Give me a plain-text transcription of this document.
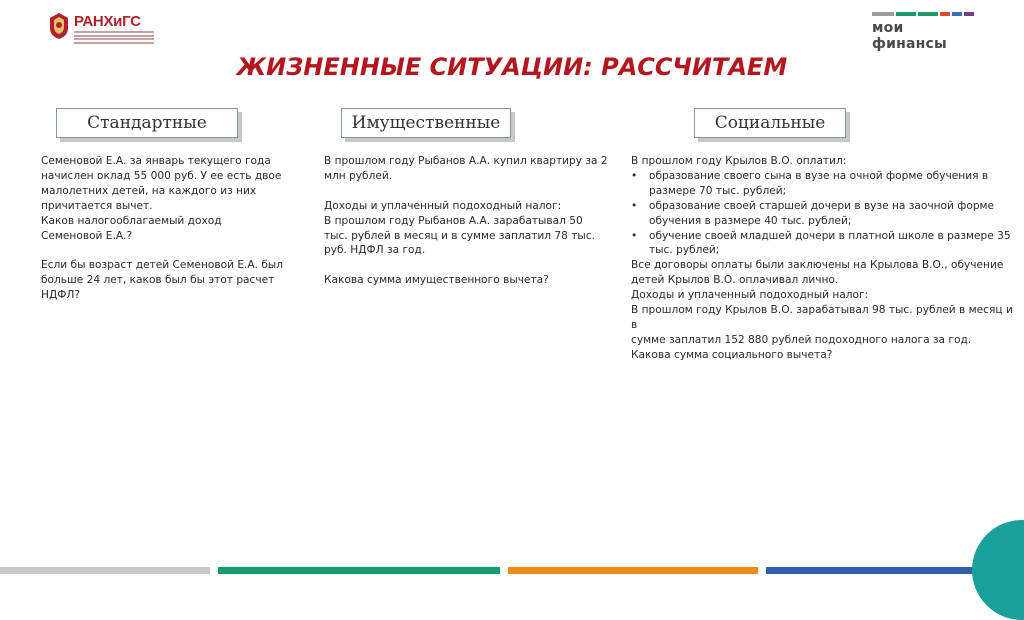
РАНХиГС	мои финансы
ЖИЗНЕННЫЕ СИТУАЦИИ: РАССЧИТАЕМ
Стандартные	Имущественные	Социальные

Семеновой Е.А. за январь текущего года

начислен оклад 55 000 руб. У ее есть двое

малолетних детей, на каждого из них

причитается вычет.

Каков налогооблагаемый доход

Семеновой Е.А.?

Если бы возраст детей Семеновой Е.А. был

больше 24 лет, каков был бы этот расчет

НДФЛ?

В прошлом году Рыбанов А.А. купил квартиру за 2

млн рублей.

Доходы и уплаченный подоходный налог:

В прошлом году Рыбанов А.А. зарабатывал 50

тыс. рублей в месяц и в сумме заплатил 78 тыс.

руб. НДФЛ за год.

Какова сумма имущественного вычета?

В прошлом году Крылов В.О. оплатил:

• образование своего сына в вузе на очной форме обучения в
размере 70 тыс. рублей;
• образование своей старшей дочери в вузе на заочной форме
обучения в размере 40 тыс. рублей;
• обучение своей младшей дочери в платной школе в размере 35
тыс. рублей;

Все договоры оплаты были заключены на Крылова В.О., обучение

детей Крылов В.О. оплачивал лично.

Доходы и уплаченный подоходный налог:

В прошлом году Крылов В.О. зарабатывал 98 тыс. рублей в месяц и в

сумме заплатил 152 880 рублей подоходного налога за год.

Какова сумма социального вычета?
